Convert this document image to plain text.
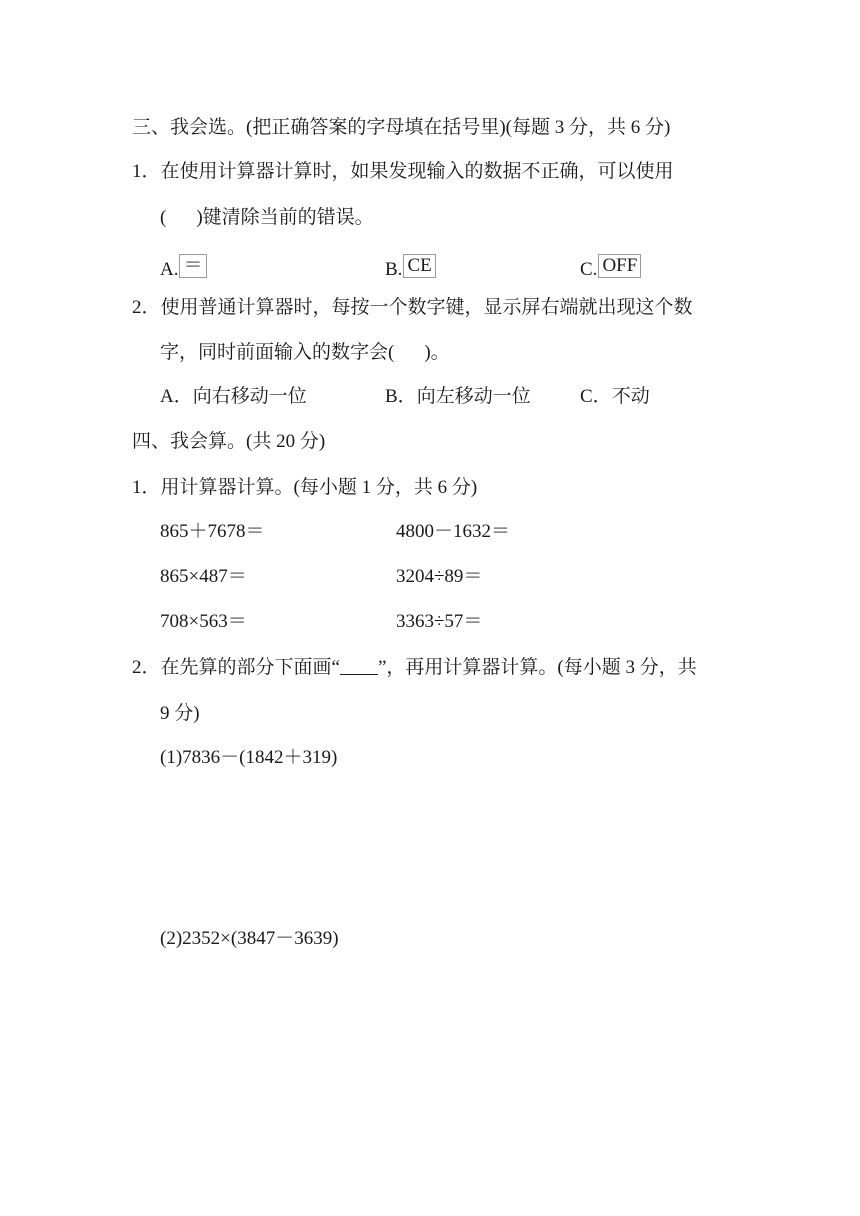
三、我会选。(把正确答案的字母填在括号里)(每题 3 分，共 6 分)
1．在使用计算器计算时，如果发现输入的数据不正确，可以使用
( )键清除当前的错误。
A. ＝	B. CE	C. OFF
2．使用普通计算器时，每按一个数字键，显示屏右端就出现这个数
字，同时前面输入的数字会( )。
A．向右移动一位	B．向左移动一位	C．不动
四、我会算。(共 20 分)
1．用计算器计算。(每小题 1 分，共 6 分)
865＋7678＝	4800－1632＝
865×487＝	3204÷89＝
708×563＝	3363÷57＝
2．在先算的部分下面画“ ”，再用计算器计算。(每小题 3 分，共
9 分)
(1)7836－(1842＋319)
(2)2352×(3847－3639)
